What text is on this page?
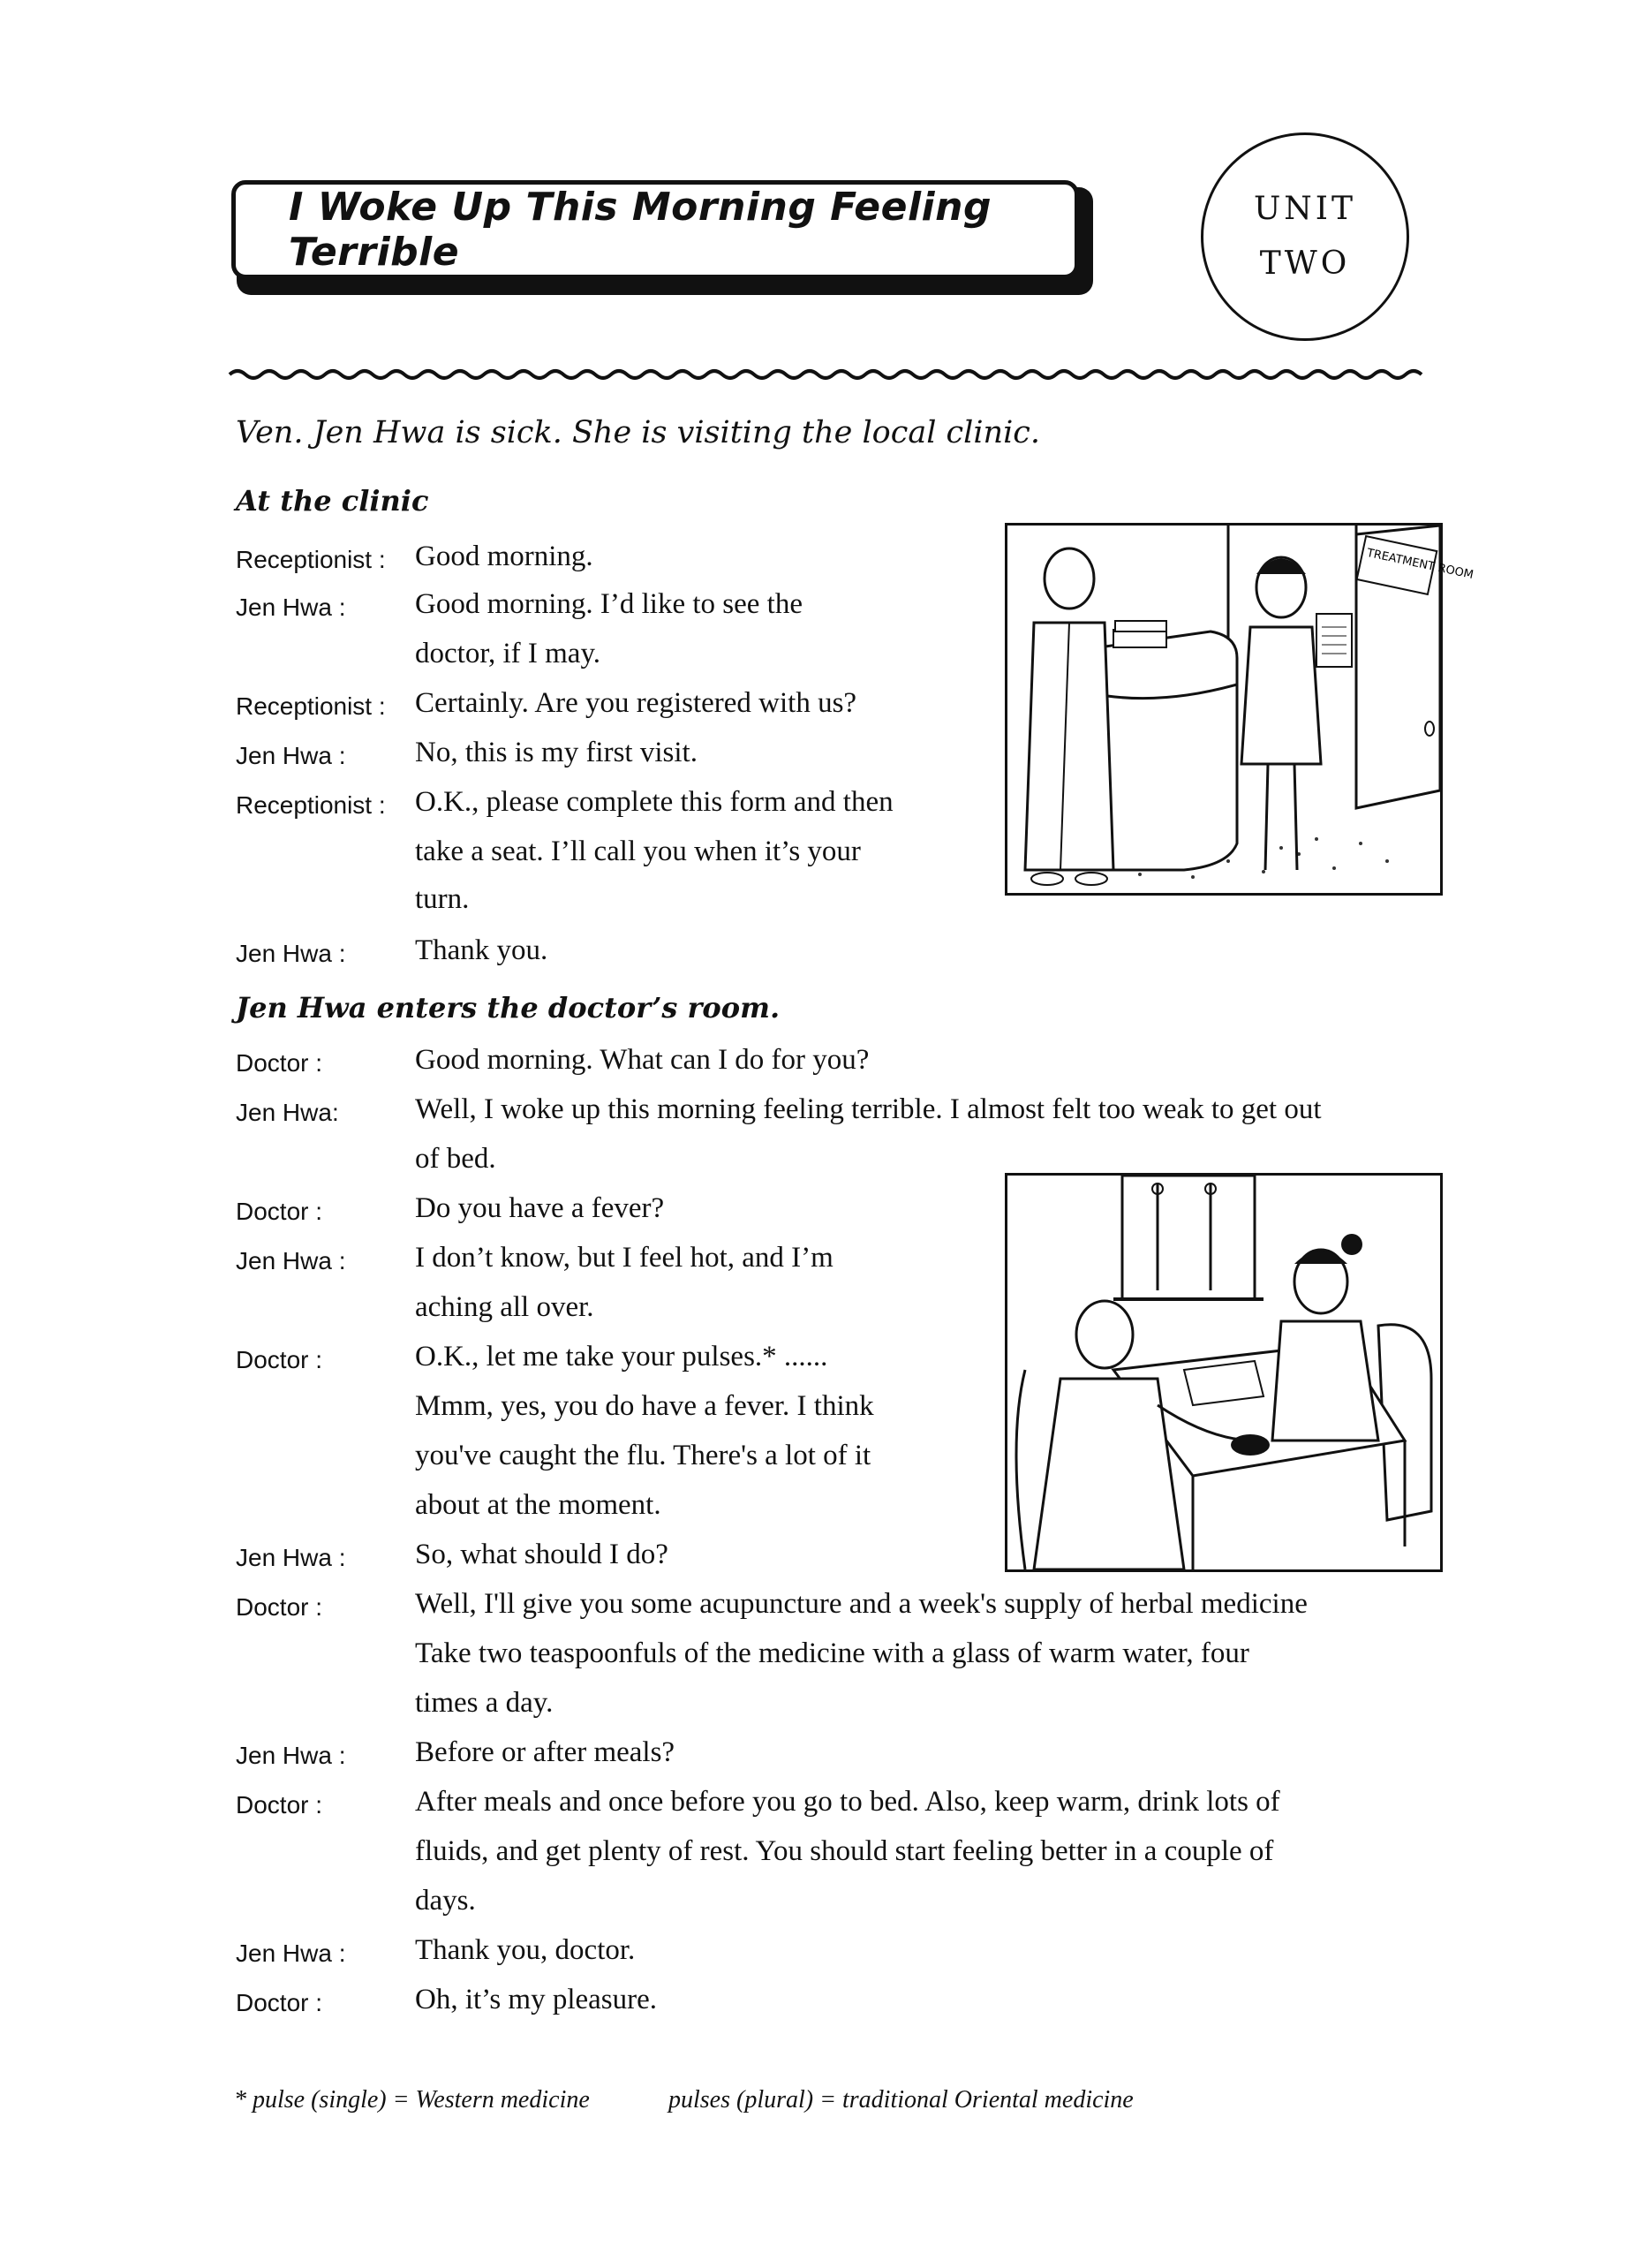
I Woke Up This Morning Feeling Terrible
UNIT
TWO
Ven. Jen Hwa is sick. She is visiting the local clinic.
At the clinic
Receptionist : Good morning.
Jen Hwa : Good morning. I’d like to see the
doctor, if I may.
Receptionist : Certainly. Are you registered with us?
Jen Hwa : No, this is my first visit.
Receptionist : O.K., please complete this form and then
take a seat. I’ll call you when it’s your
turn.
Jen Hwa : Thank you.
TREATMENT ROOM
Jen Hwa enters the doctor’s room.
Doctor :	Good morning. What can I do for you?
Jen Hwa:	Well, I woke up this morning feeling terrible. I almost felt too weak to get out
of bed.
Doctor :	Do you have a fever?
Jen Hwa : I don’t know, but I feel hot, and I’m
aching all over.
Doctor :	O.K., let me take your pulses.* ......
Mmm, yes, you do have a fever. I think
you've caught the flu. There's a lot of it
about at the moment.
Jen Hwa : So, what should I do?
Doctor :	Well, I'll give you some acupuncture and a week's supply of herbal medicine
Take two teaspoonfuls of the medicine with a glass of warm water, four
times a day.
Jen Hwa : Before or after meals?
Doctor :	After meals and once before you go to bed. Also, keep warm, drink lots of
fluids, and get plenty of rest. You should start feeling better in a couple of
days.
Jen Hwa : Thank you, doctor.
Doctor :	Oh, it’s my pleasure.
* pulse (single) = Western medicine	pulses (plural) = traditional Oriental medicine
